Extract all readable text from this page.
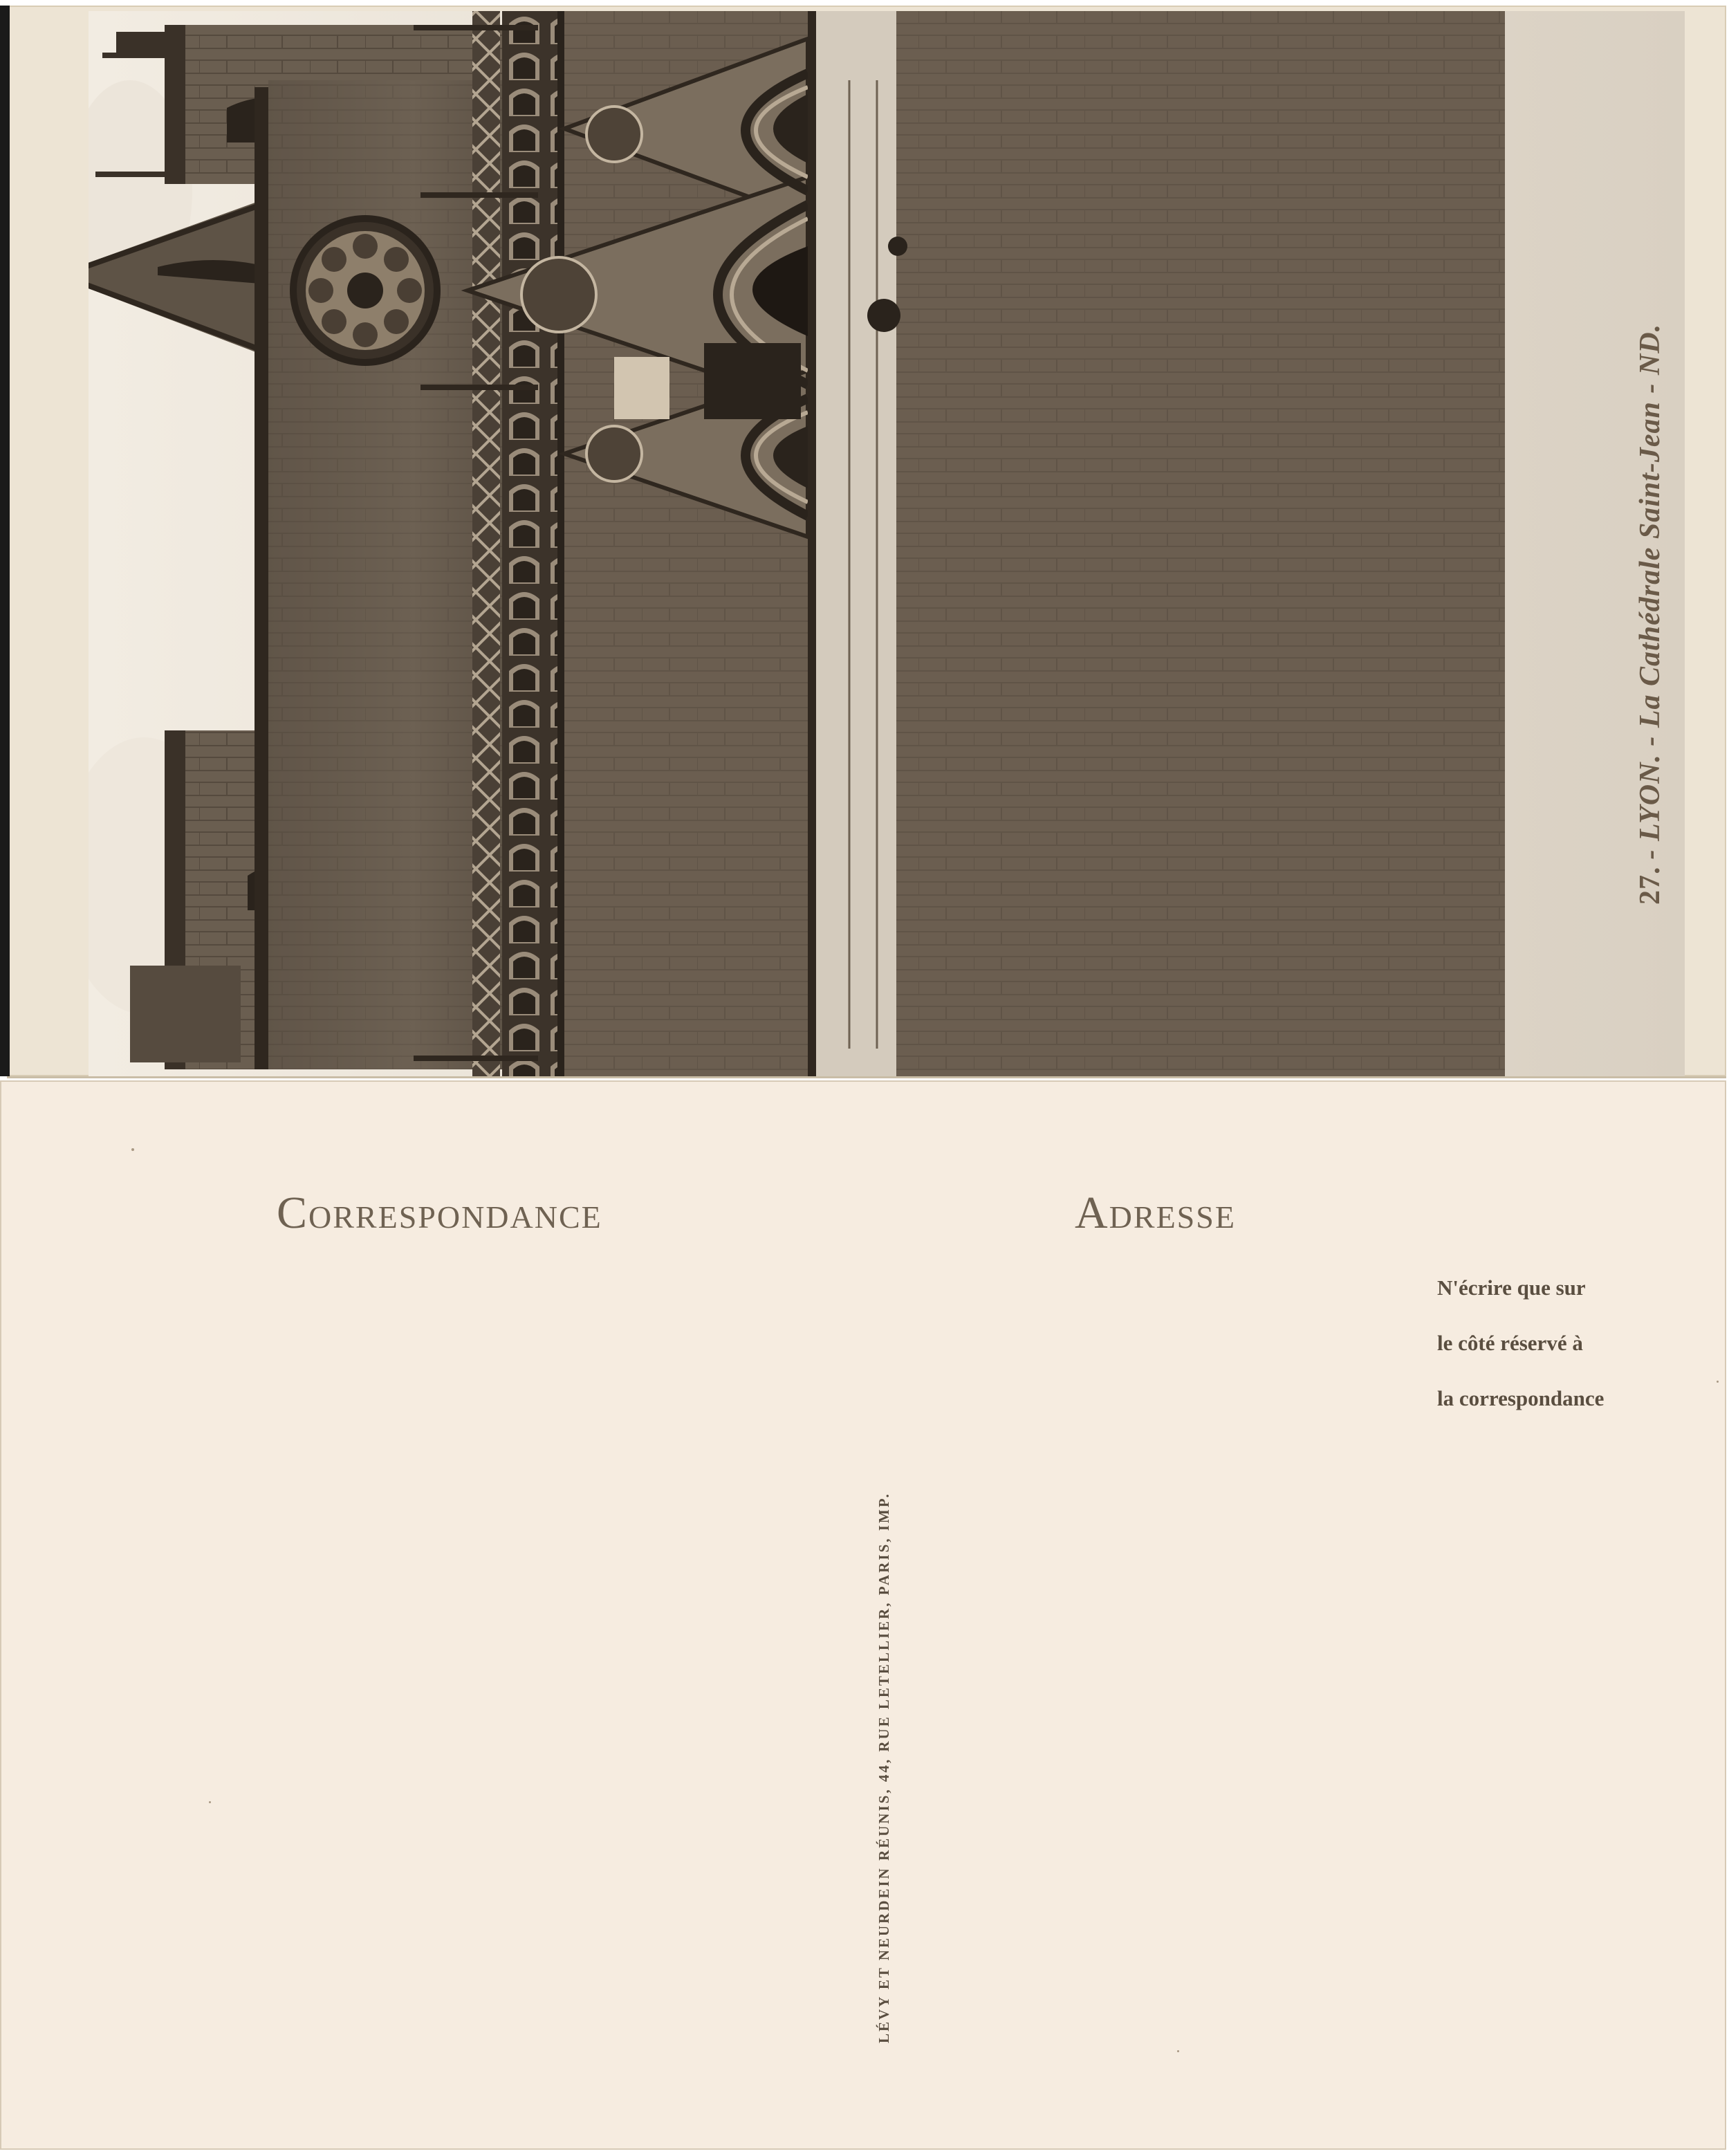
27.- LYON. - La Cathédrale Saint-Jean - ND.
Correspondance	Adresse
N'écrire que sur
le côté réservé à
la correspondance
LÉVY ET NEURDEIN RÉUNIS, 44, RUE LETELLIER, PARIS, IMP.
